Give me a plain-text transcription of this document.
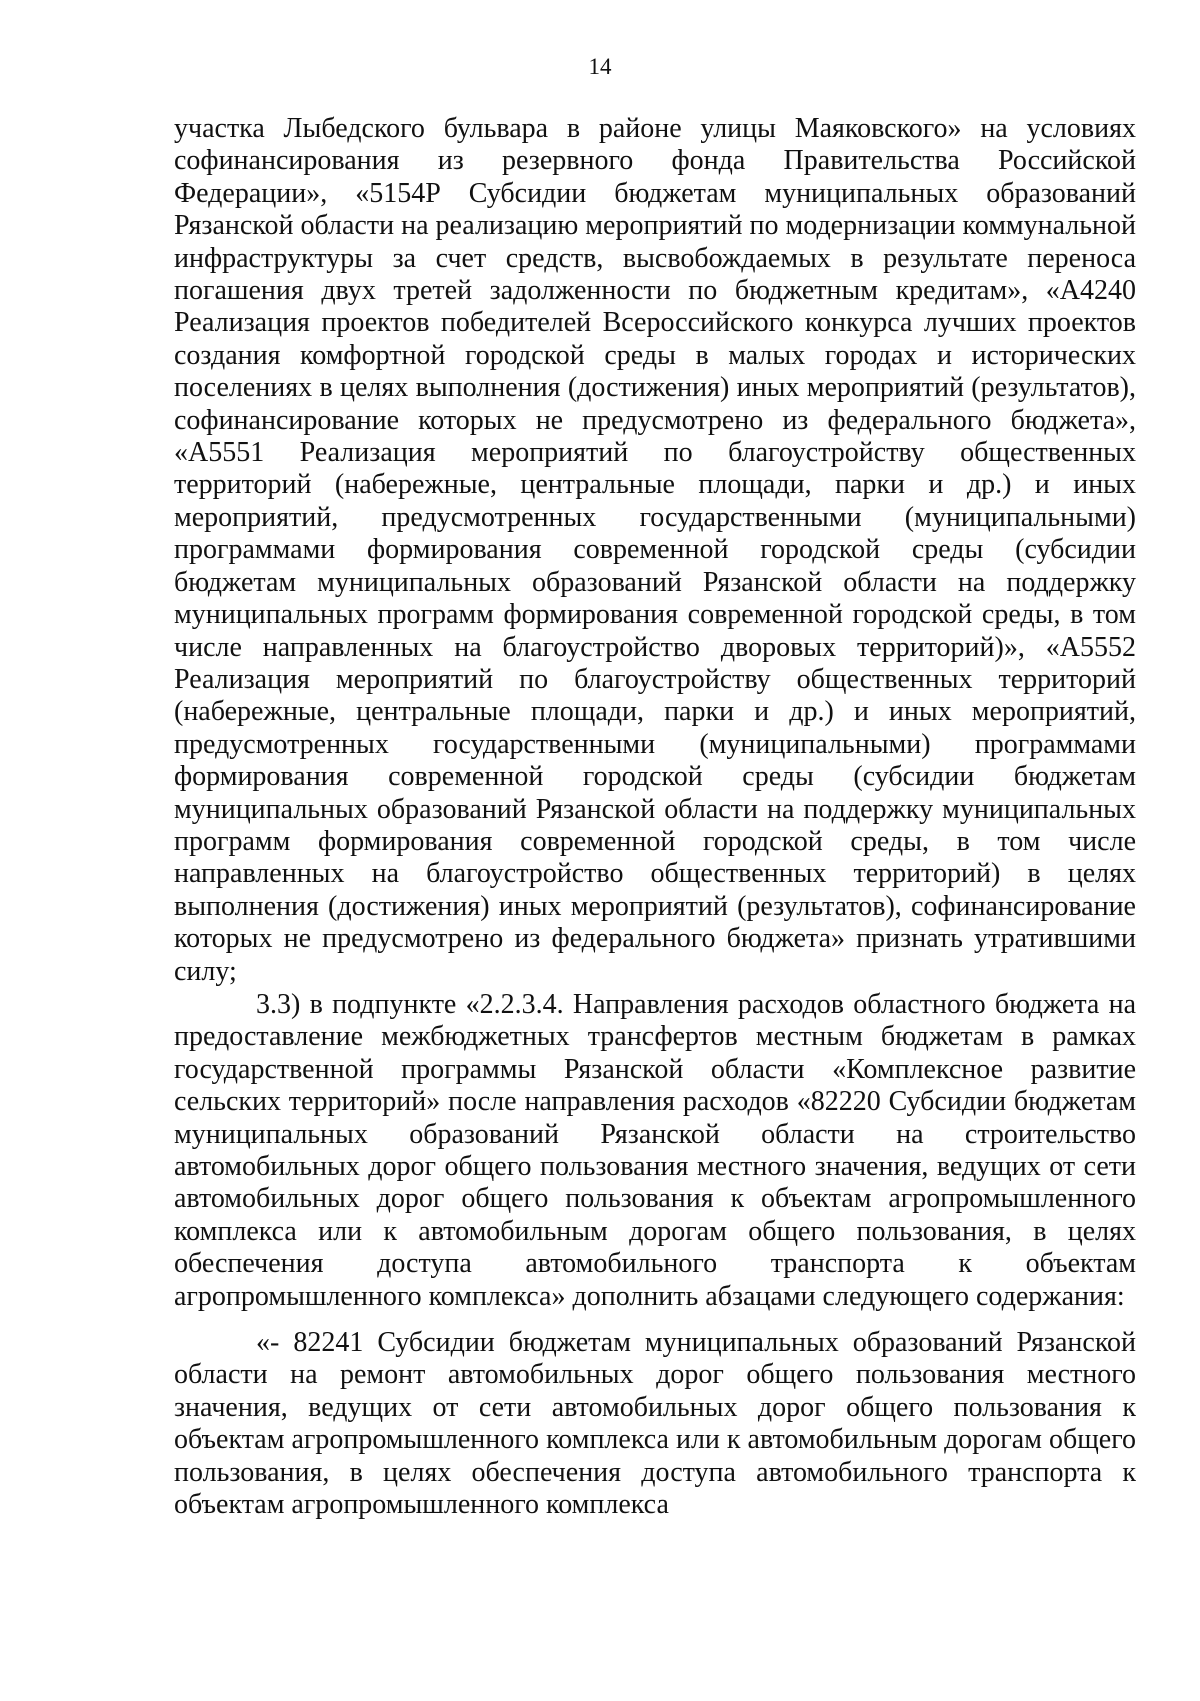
14

участка Лыбедского бульвара в районе улицы Маяковского» на условиях софинансирования из резервного фонда Правительства Российской Федерации», «5154Р Субсидии бюджетам муниципальных образований Рязанской области на реализацию мероприятий по модернизации коммунальной инфраструктуры за счет средств, высвобождаемых в результате переноса погашения двух третей задолженности по бюджетным кредитам», «А4240 Реализация проектов победителей Всероссийского конкурса лучших проектов создания комфортной городской среды в малых городах и исторических поселениях в целях выполнения (достижения) иных мероприятий (результатов), софинансирование которых не предусмотрено из федерального бюджета», «А5551 Реализация мероприятий по благоустройству общественных территорий (набережные, центральные площади, парки и др.) и иных мероприятий, предусмотренных государственными (муниципальными) программами формирования современной городской среды (субсидии бюджетам муниципальных образований Рязанской области на поддержку муниципальных программ формирования современной городской среды, в том числе направленных на благоустройство дворовых территорий)», «А5552 Реализация мероприятий по благоустройству общественных территорий (набережные, центральные площади, парки и др.) и иных мероприятий, предусмотренных государственными (муниципальными) программами формирования современной городской среды (субсидии бюджетам муниципальных образований Рязанской области на поддержку муниципальных программ формирования современной городской среды, в том числе направленных на благоустройство общественных территорий) в целях выполнения (достижения) иных мероприятий (результатов), софинансирование которых не предусмотрено из федерального бюджета» признать утратившими силу;

3.3) в подпункте «2.2.3.4. Направления расходов областного бюджета на предоставление межбюджетных трансфертов местным бюджетам в рамках государственной программы Рязанской области «Комплексное развитие сельских территорий» после направления расходов «82220 Субсидии бюджетам муниципальных образований Рязанской области на строительство автомобильных дорог общего пользования местного значения, ведущих от сети автомобильных дорог общего пользования к объектам агропромышленного комплекса или к автомобильным дорогам общего пользования, в целях обеспечения доступа автомобильного транспорта к объектам агропромышленного комплекса» дополнить абзацами следующего содержания:

«- 82241 Субсидии бюджетам муниципальных образований Рязанской области на ремонт автомобильных дорог общего пользования местного значения, ведущих от сети автомобильных дорог общего пользования к объектам агропромышленного комплекса или к автомобильным дорогам общего пользования, в целях обеспечения доступа автомобильного транспорта к объектам агропромышленного комплекса
